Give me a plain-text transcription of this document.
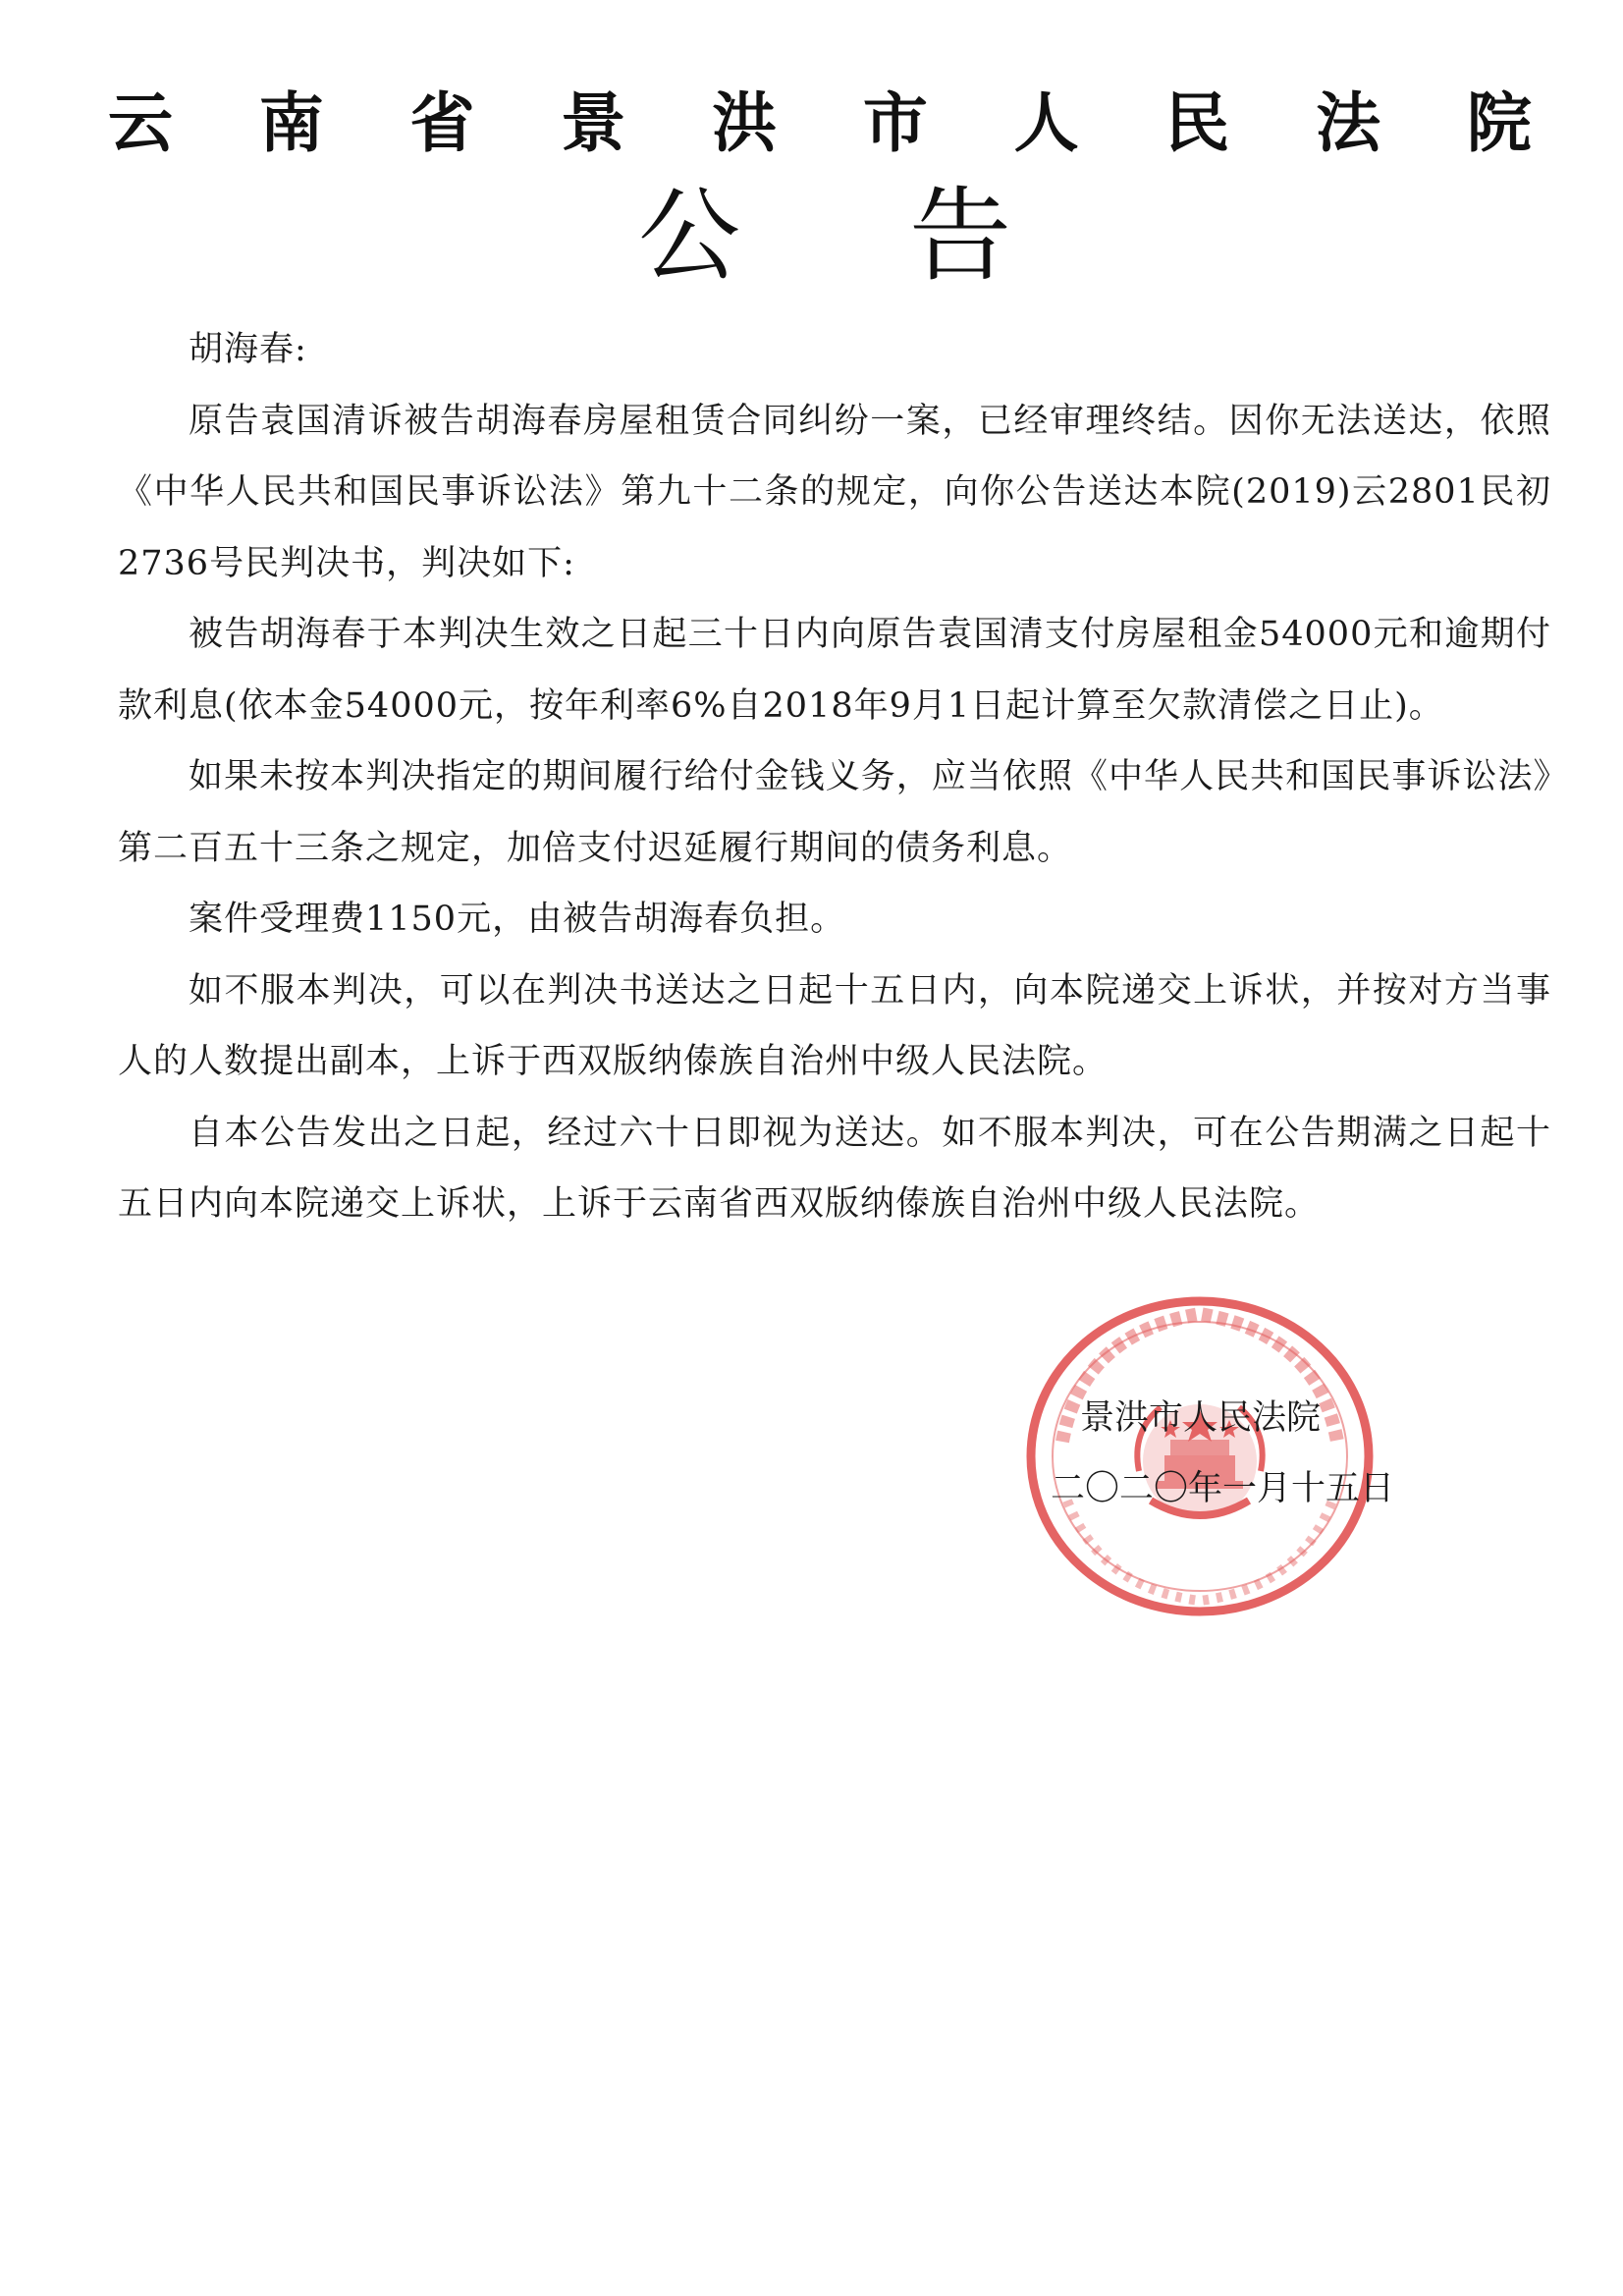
云 南 省 景 洪 市 人 民 法 院
公 告

胡海春:

原告袁国清诉被告胡海春房屋租赁合同纠纷一案，已经审理终结。因你无法送达，依照《中华人民共和国民事诉讼法》第九十二条的规定，向你公告送达本院(2019)云2801民初2736号民判决书，判决如下:

被告胡海春于本判决生效之日起三十日内向原告袁国清支付房屋租金54000元和逾期付款利息(依本金54000元，按年利率6%自2018年9月1日起计算至欠款清偿之日止)。

如果未按本判决指定的期间履行给付金钱义务，应当依照《中华人民共和国民事诉讼法》第二百五十三条之规定，加倍支付迟延履行期间的债务利息。

案件受理费1150元，由被告胡海春负担。

如不服本判决，可以在判决书送达之日起十五日内，向本院递交上诉状，并按对方当事人的人数提出副本，上诉于西双版纳傣族自治州中级人民法院。

自本公告发出之日起，经过六十日即视为送达。如不服本判决，可在公告期满之日起十五日内向本院递交上诉状，上诉于云南省西双版纳傣族自治州中级人民法院。

景洪市人民法院
二〇二〇年一月十五日
